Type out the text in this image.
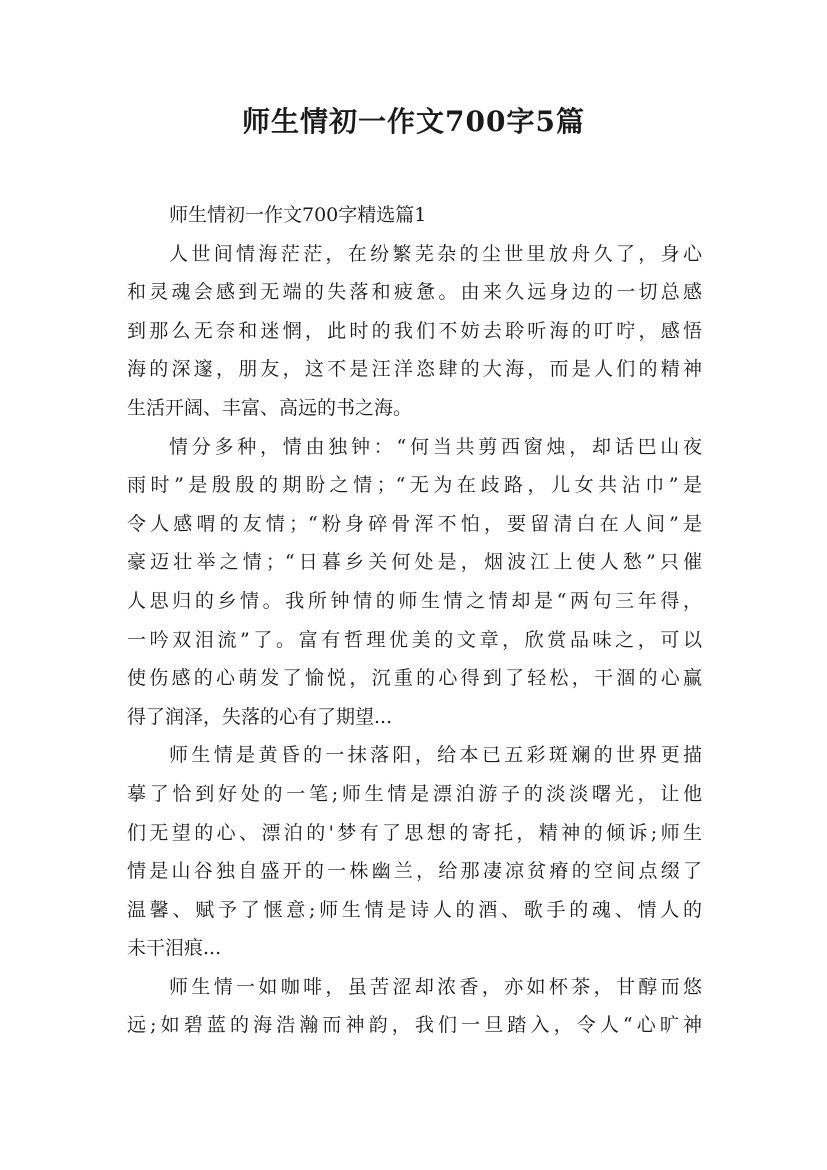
师生情初一作文700字5篇
师生情初一作文700字精选篇1
人世间情海茫茫，在纷繁芜杂的尘世里放舟久了，身心
和灵魂会感到无端的失落和疲惫。由来久远身边的一切总感
到那么无奈和迷惘，此时的我们不妨去聆听海的叮咛，感悟
海的深邃，朋友，这不是汪洋恣肆的大海，而是人们的精神
生活开阔、丰富、高远的书之海。
情分多种，情由独钟：“何当共剪西窗烛，却话巴山夜
雨时”是殷殷的期盼之情；“无为在歧路，儿女共沾巾”是
令人感喟的友情；“粉身碎骨浑不怕，要留清白在人间”是
豪迈壮举之情；“日暮乡关何处是，烟波江上使人愁”只催
人思归的乡情。我所钟情的师生情之情却是“两句三年得，
一吟双泪流”了。富有哲理优美的文章，欣赏品味之，可以
使伤感的心萌发了愉悦，沉重的心得到了轻松，干涸的心赢
得了润泽，失落的心有了期望...
师生情是黄昏的一抹落阳，给本已五彩斑斓的世界更描
摹了恰到好处的一笔;师生情是漂泊游子的淡淡曙光，让他
们无望的心、漂泊的'梦有了思想的寄托，精神的倾诉;师生
情是山谷独自盛开的一株幽兰，给那凄凉贫瘠的空间点缀了
温馨、赋予了惬意;师生情是诗人的酒、歌手的魂、情人的
未干泪痕...
师生情一如咖啡，虽苦涩却浓香，亦如杯茶，甘醇而悠
远;如碧蓝的海浩瀚而神韵，我们一旦踏入，令人“心旷神
